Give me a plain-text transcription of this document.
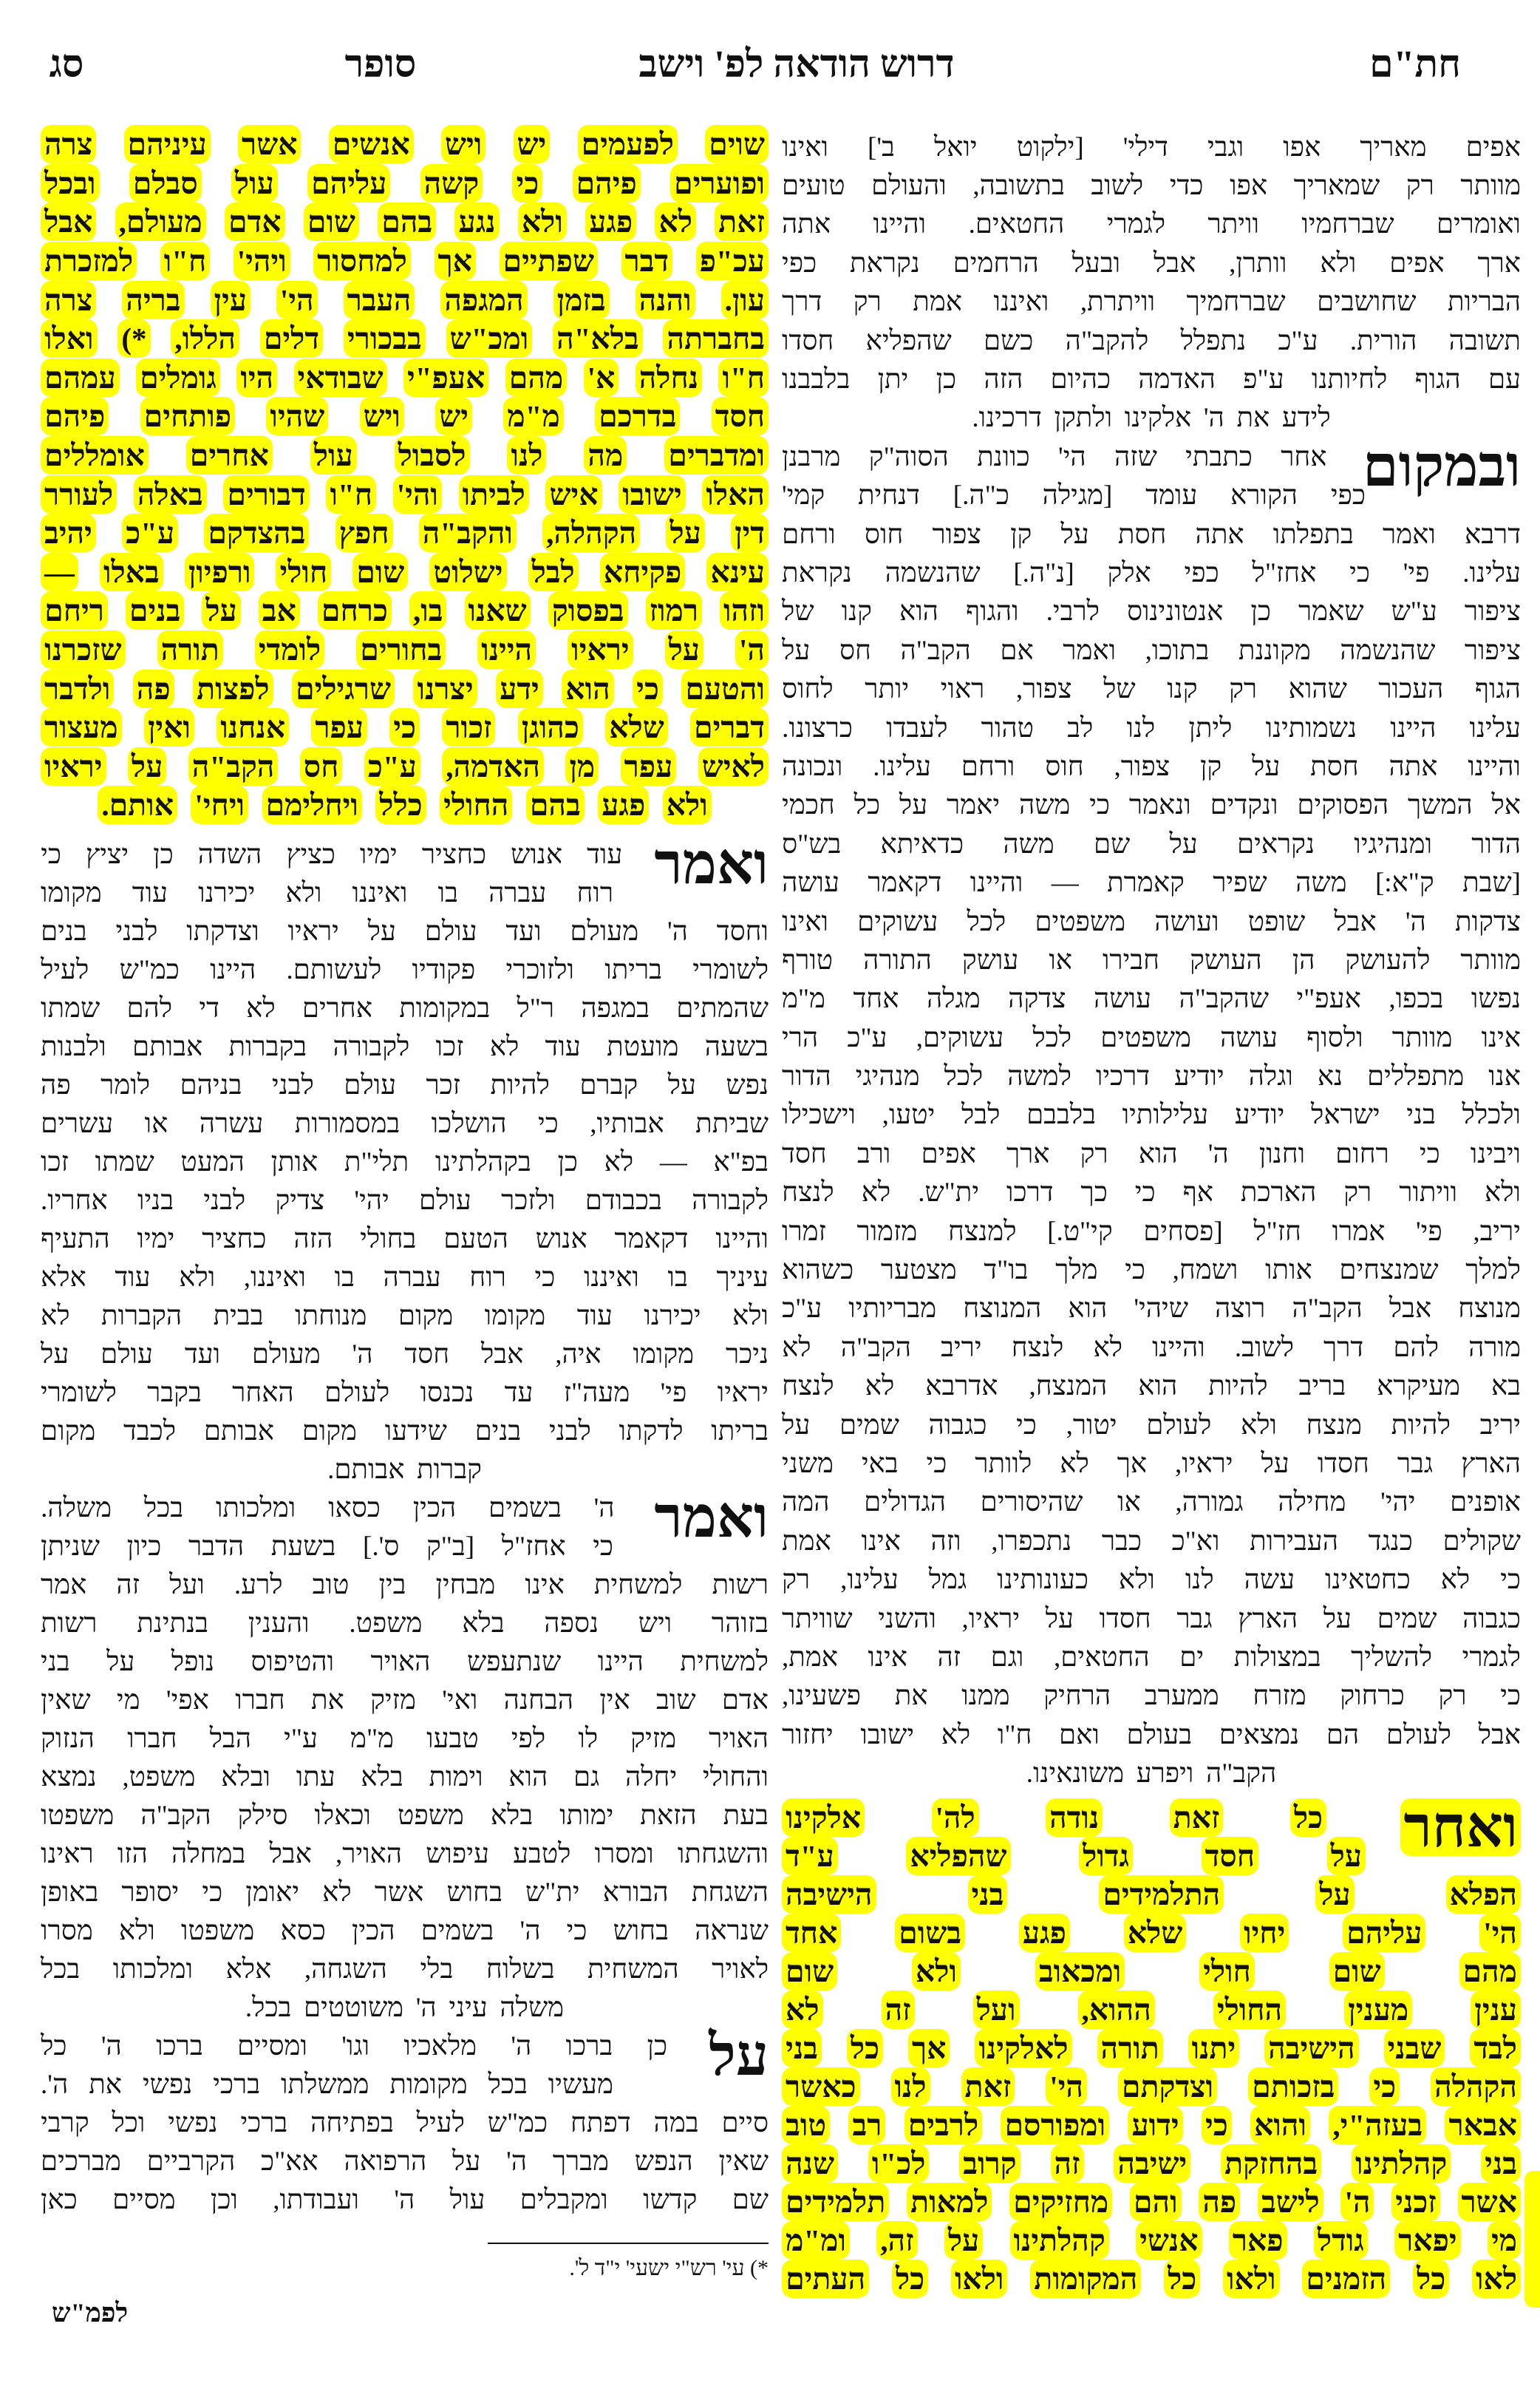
חת"ם
דרוש הודאה לפ' וישב
סופר
סג
שוים
לפעמים
יש
ויש
אנשים
אשר
עיניהם
צרה
ופוערים
פיהם
כי
קשה
עליהם
עול
סבלם
ובכל
זאת
לא
פגע
ולא
נגע
בהם
שום
אדם
מעולם,
אבל
עכ"פ
דבר
שפתיים
אך
למחסור
ויהי'
ח"ו
למזכרת
עון.
והנה
בזמן
המגפה
העבר
הי'
עין
בריה
צרה
בחברתה
בלא"ה
ומכ"ש
בבכורי
דלים
הללו,
*)
ואלו
ח"ו
נחלה
א'
מהם
אעפ"י
שבודאי
היו
גומלים
עמהם
חסד
בדרכם
מ"מ
יש
ויש
שהיו
פותחים
פיהם
ומדברים
מה
לנו
לסבול
עול
אחרים
אומללים
האלו
ישובו
איש
לביתו
והי'
ח"ו
דבורים
באלה
לעורר
דין
על
הקהלה,
והקב"ה
חפץ
בהצדקם
ע"כ
יהיב
עינא
פקיחא
לבל
ישלוט
שום
חולי
ורפיון
באלו
—
וזהו
רמוז
בפסוק
שאנו
בו,
כרחם
אב
על
בנים
ריחם
ה'
על
יראיו
היינו
בחורים
לומדי
תורה
שזכרנו
והטעם
כי
הוא
ידע
יצרנו
שרגילים
לפצות
פה
ולדבר
דברים
שלא
כהוגן
זכור
כי
עפר
אנחנו
ואין
מעצור
לאיש
עפר
מן
האדמה,
ע"כ
חס
הקב"ה
על
יראיו
ולא
פגע
בהם
החולי
כלל
ויחלימם
ויחי'
אותם.
ואמר
עוד
אנוש
כחציר
ימיו
כציץ
השדה
כן
יציץ
כי
רוח
עברה
בו
ואיננו
ולא
יכירנו
עוד
מקומו
וחסד
ה'
מעולם
ועד
עולם
על
יראיו
וצדקתו
לבני
בנים
לשומרי
בריתו
ולזוכרי
פקודיו
לעשותם.
היינו
כמ"ש
לעיל
שהמתים
במגפה
ר"ל
במקומות
אחרים
לא
די
להם
שמתו
בשעה
מועטת
עוד
לא
זכו
לקבורה
בקברות
אבותם
ולבנות
נפש
על
קברם
להיות
זכר
עולם
לבני
בניהם
לומר
פה
שביתת
אבותיו,
כי
הושלכו
במסמורות
עשרה
או
עשרים
בפ"א
—
לא
כן
בקהלתינו
תלי"ת
אותן
המעט
שמתו
זכו
לקבורה
בכבודם
ולזכר
עולם
יהי'
צדיק
לבני
בניו
אחריו.
והיינו
דקאמר
אנוש
הטעם
בחולי
הזה
כחציר
ימיו
התעיף
עיניך
בו
ואיננו
כי
רוח
עברה
בו
ואיננו,
ולא
עוד
אלא
ולא
יכירנו
עוד
מקומו
מקום
מנוחתו
בבית
הקברות
לא
ניכר
מקומו
איה,
אבל
חסד
ה'
מעולם
ועד
עולם
על
יראיו
פי'
מעה"ז
עד
נכנסו
לעולם
האחר
בקבר
לשומרי
בריתו
לדקתו
לבני
בנים
שידעו
מקום
אבותם
לכבד
מקום
קברות
אבותם.
ואמר
ה'
בשמים
הכין
כסאו
ומלכותו
בכל
משלה.
כי
אחז"ל
[ב"ק
ס'.]
בשעת
הדבר
כיון
שניתן
רשות
למשחית
אינו
מבחין
בין
טוב
לרע.
ועל
זה
אמר
בזוהר
ויש
נספה
בלא
משפט.
והענין
בנתינת
רשות
למשחית
היינו
שנתעפש
האויר
והטיפוס
נופל
על
בני
אדם
שוב
אין
הבחנה
ואי'
מזיק
את
חברו
אפי'
מי
שאין
האויר
מזיק
לו
לפי
טבעו
מ"מ
ע"י
הבל
חברו
הנזוק
והחולי
יחלה
גם
הוא
וימות
בלא
עתו
ובלא
משפט,
נמצא
בעת
הזאת
ימותו
בלא
משפט
וכאלו
סילק
הקב"ה
משפטו
והשגחתו
ומסרו
לטבע
עיפוש
האויר,
אבל
במחלה
הזו
ראינו
השגחת
הבורא
ית"ש
בחוש
אשר
לא
יאומן
כי
יסופר
באופן
שנראה
בחוש
כי
ה'
בשמים
הכין
כסא
משפטו
ולא
מסרו
לאויר
המשחית
בשלוח
בלי
השגחה,
אלא
ומלכותו
בכל
משלה
עיני
ה'
משוטטים
בכל.
על
כן
ברכו
ה'
מלאכיו
וגו'
ומסיים
ברכו
ה'
כל
מעשיו
בכל
מקומות
ממשלתו
ברכי
נפשי
את
ה'.
סיים
במה
דפתח
כמ"ש
לעיל
בפתיחה
ברכי
נפשי
וכל
קרבי
שאין
הנפש
מברך
ה'
על
הרפואה
אא"כ
הקרביים
מברכים
שם
קדשו
ומקבלים
עול
ה'
ועבודתו,
וכן
מסיים
כאן
אפים
מאריך
אפו
וגבי
דילי'
[ילקוט
יואל
ב']
ואינו
מוותר
רק
שמאריך
אפו
כדי
לשוב
בתשובה,
והעולם
טועים
ואומרים
שברחמיו
וויתר
לגמרי
החטאים.
והיינו
אתה
ארך
אפים
ולא
וותרן,
אבל
ובעל
הרחמים
נקראת
כפי
הבריות
שחושבים
שברחמיך
וויתרת,
ואיננו
אמת
רק
דרך
תשובה
הורית.
ע"כ
נתפלל
להקב"ה
כשם
שהפליא
חסדו
עם
הגוף
לחיותנו
ע"פ
האדמה
כהיום
הזה
כן
יתן
בלבבנו
לידע
את
ה'
אלקינו
ולתקן
דרכינו.
ובמקום
אחר
כתבתי
שזה
הי'
כוונת
הסוה"ק
מרבנן
כפי
הקורא
עומד
[מגילה
כ"ה.]
דנחית
קמי'
דרבא
ואמר
בתפלתו
אתה
חסת
על
קן
צפור
חוס
ורחם
עלינו.
פי'
כי
אחז"ל
כפי
אלק
[נ"ה.]
שהנשמה
נקראת
ציפור
ע"ש
שאמר
כן
אנטונינוס
לרבי.
והגוף
הוא
קנו
של
ציפור
שהנשמה
מקוננת
בתוכו,
ואמר
אם
הקב"ה
חס
על
הגוף
העכור
שהוא
רק
קנו
של
צפור,
ראוי
יותר
לחוס
עלינו
היינו
נשמותינו
ליתן
לנו
לב
טהור
לעבדו
כרצונו.
והיינו
אתה
חסת
על
קן
צפור,
חוס
ורחם
עלינו.
ונכונה
אל
המשך
הפסוקים
ונקדים
ונאמר
כי
משה
יאמר
על
כל
חכמי
הדור
ומנהיגיו
נקראים
על
שם
משה
כדאיתא
בש"ס
[שבת
ק"א:]
משה
שפיר
קאמרת
—
והיינו
דקאמר
עושה
צדקות
ה'
אבל
שופט
ועושה
משפטים
לכל
עשוקים
ואינו
מוותר
להעושק
הן
העושק
חבירו
או
עושק
התורה
טורף
נפשו
בכפו,
אעפ"י
שהקב"ה
עושה
צדקה
מגלה
אחד
מ"מ
אינו
מוותר
ולסוף
עושה
משפטים
לכל
עשוקים,
ע"כ
הרי
אנו
מתפללים
נא
וגלה
יודיע
דרכיו
למשה
לכל
מנהיגי
הדור
ולכלל
בני
ישראל
יודיע
עלילותיו
בלבבם
לבל
יטעו,
וישכילו
ויבינו
כי
רחום
וחנון
ה'
הוא
רק
ארך
אפים
ורב
חסד
ולא
וויתור
רק
הארכת
אף
כי
כך
דרכו
ית"ש.
לא
לנצח
יריב,
פי'
אמרו
חז"ל
[פסחים
קי"ט.]
למנצח
מזמור
זמרו
למלך
שמנצחים
אותו
ושמח,
כי
מלך
בו"ד
מצטער
כשהוא
מנוצח
אבל
הקב"ה
רוצה
שיהי'
הוא
המנוצח
מבריותיו
ע"כ
מורה
להם
דרך
לשוב.
והיינו
לא
לנצח
יריב
הקב"ה
לא
בא
מעיקרא
בריב
להיות
הוא
המנצח,
אדרבא
לא
לנצח
יריב
להיות
מנצח
ולא
לעולם
יטור,
כי
כגבוה
שמים
על
הארץ
גבר
חסדו
על
יראיו,
אך
לא
לוותר
כי
באי
משני
אופנים
יהי'
מחילה
גמורה,
או
שהיסורים
הגדולים
המה
שקולים
כנגד
העבירות
וא"כ
כבר
נתכפרו,
וזה
אינו
אמת
כי
לא
כחטאינו
עשה
לנו
ולא
כעונותינו
גמל
עלינו,
רק
כגבוה
שמים
על
הארץ
גבר
חסדו
על
יראיו,
והשני
שוויתר
לגמרי
להשליך
במצולות
ים
החטאים,
וגם
זה
אינו
אמת,
כי
רק
כרחוק
מזרח
ממערב
הרחיק
ממנו
את
פשעינו,
אבל
לעולם
הם
נמצאים
בעולם
ואם
ח"ו
לא
ישובו
יחזור
הקב"ה
ויפרע
משונאינו.
ואחר
כל
זאת
נודה
לה'
אלקינו
על
חסד
גדול
שהפליא
ע"ד
הפלא
על
התלמידים
בני
הישיבה
הי'
עליהם
יחיו
שלא
פגע
בשום
אחד
מהם
שום
חולי
ומכאוב
ולא
שום
ענין
מענין
החולי
ההוא,
ועל
זה
לא
לבד
שבני
הישיבה
יתנו
תורה
לאלקינו
אך
כל
בני
הקהלה
כי
בזכותם
וצדקתם
הי'
זאת
לנו
כאשר
אבאר
בעזה"י,
והוא
כי
ידוע
ומפורסם
לרבים
רב
טוב
בני
קהלתינו
בהחזקת
ישיבה
זה
קרוב
לכ"ו
שנה
אשר
זכני
ה'
לישב
פה
והם
מחזיקים
למאות
תלמידים
מי
יפאר
גודל
פאר
אנשי
קהלתינו
על
זה,
ומ"מ
לאו
כל
הזמנים
ולאו
כל
המקומות
ולאו
כל
העתים
*) עי' רש"י ישעי' י"ד ל'.
לפמ"ש
